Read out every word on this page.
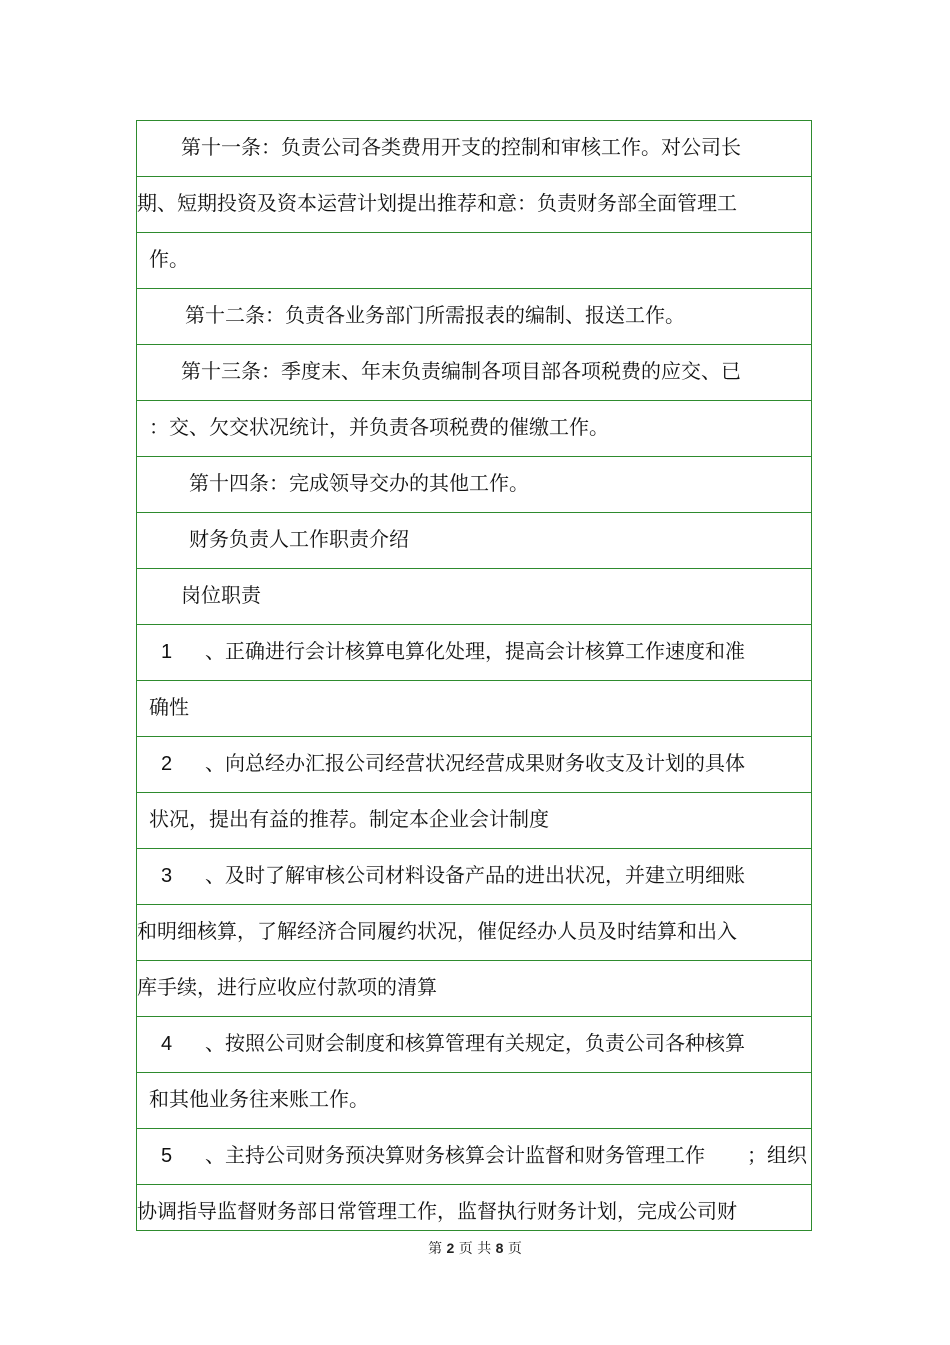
第十一条：负责公司各类费用开支的控制和审核工作。对公司长
期、短期投资及资本运营计划提出推荐和意：负责财务部全面管理工
作。
第十二条：负责各业务部门所需报表的编制、报送工作。
第十三条：季度末、年末负责编制各项目部各项税费的应交、已
：交、欠交状况统计，并负责各项税费的催缴工作。
第十四条：完成领导交办的其他工作。
财务负责人工作职责介绍
岗位职责
1 、正确进行会计核算电算化处理，提高会计核算工作速度和准
确性
2 、向总经办汇报公司经营状况经营成果财务收支及计划的具体
状况，提出有益的推荐。制定本企业会计制度
3 、及时了解审核公司材料设备产品的进出状况，并建立明细账
和明细核算，了解经济合同履约状况，催促经办人员及时结算和出入
库手续，进行应收应付款项的清算
4 、按照公司财会制度和核算管理有关规定，负责公司各种核算
和其他业务往来账工作。
5 、主持公司财务预决算财务核算会计监督和财务管理工作 ；组织
协调指导监督财务部日常管理工作，监督执行财务计划，完成公司财
第 2 页 共 8 页
